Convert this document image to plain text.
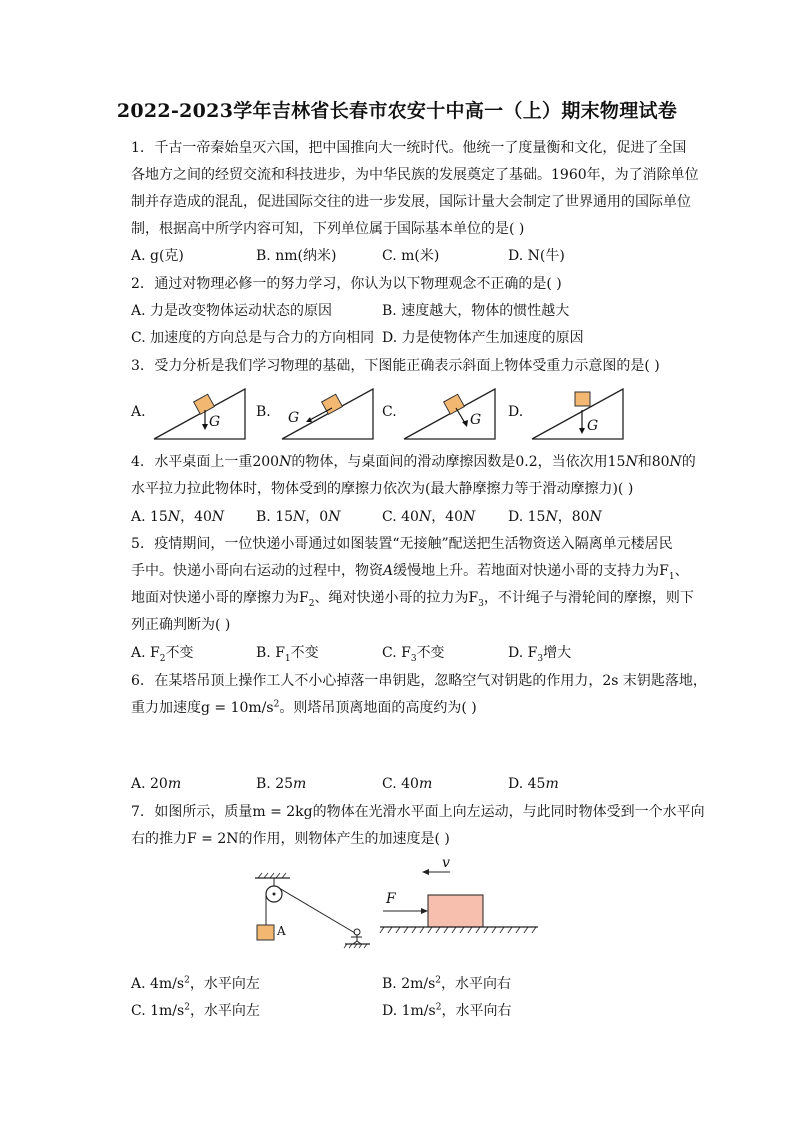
2022-2023学年吉林省长春市农安十中高一（上）期末物理试卷
1. 千古一帝秦始皇灭六国，把中国推向大一统时代。他统一了度量衡和文化，促进了全国
各地方之间的经贸交流和科技进步，为中华民族的发展奠定了基础。1960年，为了消除单位
制并存造成的混乱，促进国际交往的进一步发展，国际计量大会制定了世界通用的国际单位
制，根据高中所学内容可知，下列单位属于国际基本单位的是( )
A. g(克)	B. nm(纳米)	C. m(米)	D. N(牛)
2. 通过对物理必修一的努力学习，你认为以下物理观念不正确的是( )
A. 力是改变物体运动状态的原因	B. 速度越大，物体的惯性越大
C. 加速度的方向总是与合力的方向相同 D. 力是使物体产生加速度的原因
3. 受力分析是我们学习物理的基础，下图能正确表示斜面上物体受重力示意图的是( )
A.	B.	C.	D.
G	G	G	G
4. 水平桌面上一重200N的物体，与桌面间的滑动摩擦因数是0.2，当依次用15N和80N的
水平拉力拉此物体时，物体受到的摩擦力依次为(最大静摩擦力等于滑动摩擦力)( )
A. 15N，40N B. 15N，0N	C. 40N，40N D. 15N，80N
5. 疫情期间，一位快递小哥通过如图装置“无接触”配送把生活物资送入隔离单元楼居民
手中。快递小哥向右运动的过程中，物资A缓慢地上升。若地面对快递小哥的支持力为$F_1$、
地面对快递小哥的摩擦力为$F_2$、绳对快递小哥的拉力为$F_3$，不计绳子与滑轮间的摩擦，则下
列正确判断为( )
A. $F_2$不变	B. $F_1$不变	C. $F_3$不变	D. $F_3$增大
6. 在某塔吊顶上操作工人不小心掉落一串钥匙，忽略空气对钥匙的作用力，2s 末钥匙落地，
重力加速度$g = 10m/s^2$。则塔吊顶离地面的高度约为( )
A. 20m	B. 25m	C. 40m	D. 45m
7. 如图所示，质量m = 2kg的物体在光滑水平面上向左运动，与此同时物体受到一个水平向
右的推力F = 2N的作用，则物体产生的加速度是( )
A
v
F
A. $4m/s^2$，水平向左	B. $2m/s^2$，水平向右
C. $1m/s^2$，水平向左	D. $1m/s^2$，水平向右
